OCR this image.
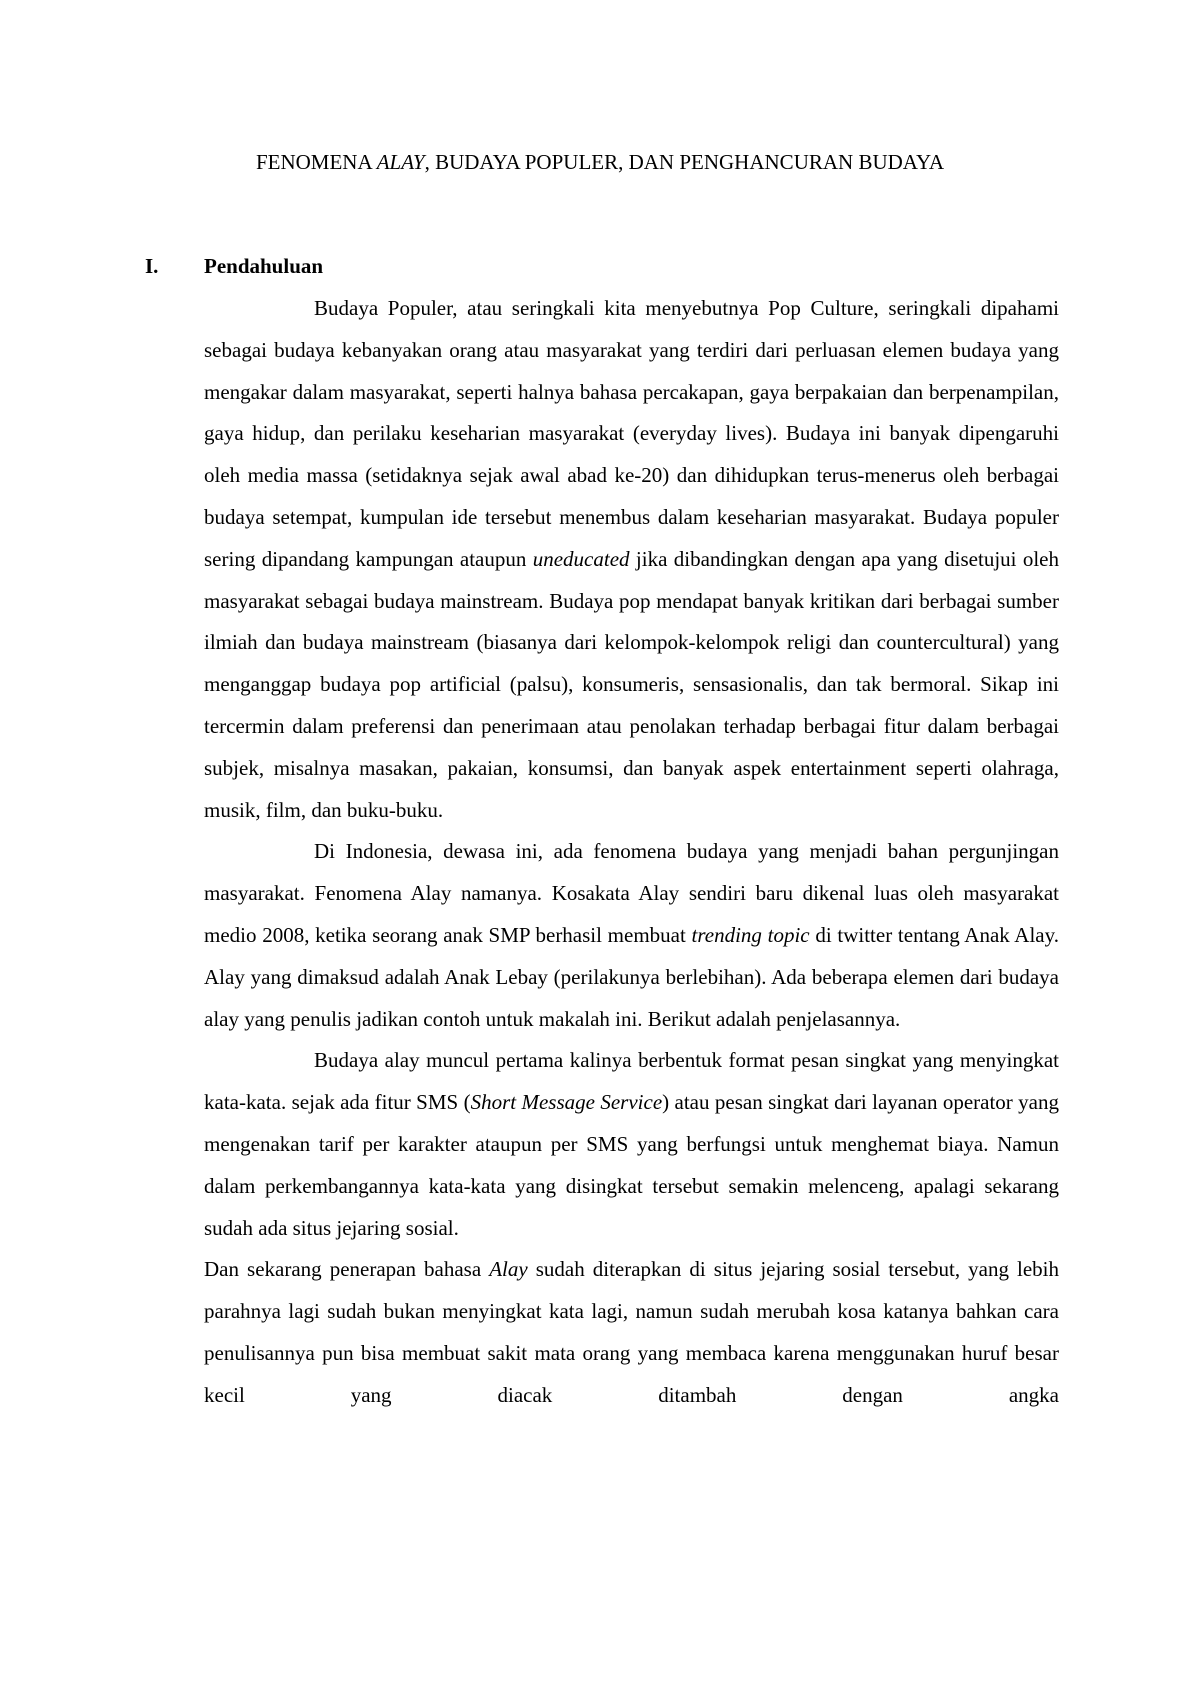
FENOMENA ALAY, BUDAYA POPULER, DAN PENGHANCURAN BUDAYA
I. Pendahuluan

Budaya Populer, atau seringkali kita menyebutnya Pop Culture, seringkali dipahami sebagai budaya kebanyakan orang atau masyarakat yang terdiri dari perluasan elemen budaya yang mengakar dalam masyarakat, seperti halnya bahasa percakapan, gaya berpakaian dan berpenampilan, gaya hidup, dan perilaku keseharian masyarakat (everyday lives). Budaya ini banyak dipengaruhi oleh media massa (setidaknya sejak awal abad ke-20) dan dihidupkan terus-menerus oleh berbagai budaya setempat, kumpulan ide tersebut menembus dalam keseharian masyarakat. Budaya populer sering dipandang kampungan ataupun uneducated jika dibandingkan dengan apa yang disetujui oleh masyarakat sebagai budaya mainstream. Budaya pop mendapat banyak kritikan dari berbagai sumber ilmiah dan budaya mainstream (biasanya dari kelompok-kelompok religi dan countercultural) yang menganggap budaya pop artificial (palsu), konsumeris, sensasionalis, dan tak bermoral. Sikap ini tercermin dalam preferensi dan penerimaan atau penolakan terhadap berbagai fitur dalam berbagai subjek, misalnya masakan, pakaian, konsumsi, dan banyak aspek entertainment seperti olahraga, musik, film, dan buku-buku.

Di Indonesia, dewasa ini, ada fenomena budaya yang menjadi bahan pergunjingan masyarakat. Fenomena Alay namanya. Kosakata Alay sendiri baru dikenal luas oleh masyarakat medio 2008, ketika seorang anak SMP berhasil membuat trending topic di twitter tentang Anak Alay. Alay yang dimaksud adalah Anak Lebay (perilakunya berlebihan). Ada beberapa elemen dari budaya alay yang penulis jadikan contoh untuk makalah ini. Berikut adalah penjelasannya.

Budaya alay muncul pertama kalinya berbentuk format pesan singkat yang menyingkat kata-kata. sejak ada fitur SMS (Short Message Service) atau pesan singkat dari layanan operator yang mengenakan tarif per karakter ataupun per SMS yang berfungsi untuk menghemat biaya. Namun dalam perkembangannya kata-kata yang disingkat tersebut semakin melenceng, apalagi sekarang sudah ada situs jejaring sosial.

Dan sekarang penerapan bahasa Alay sudah diterapkan di situs jejaring sosial tersebut, yang lebih parahnya lagi sudah bukan menyingkat kata lagi, namun sudah merubah kosa katanya bahkan cara penulisannya pun bisa membuat sakit mata orang yang membaca karena menggunakan huruf besar kecil yang diacak ditambah dengan angka
